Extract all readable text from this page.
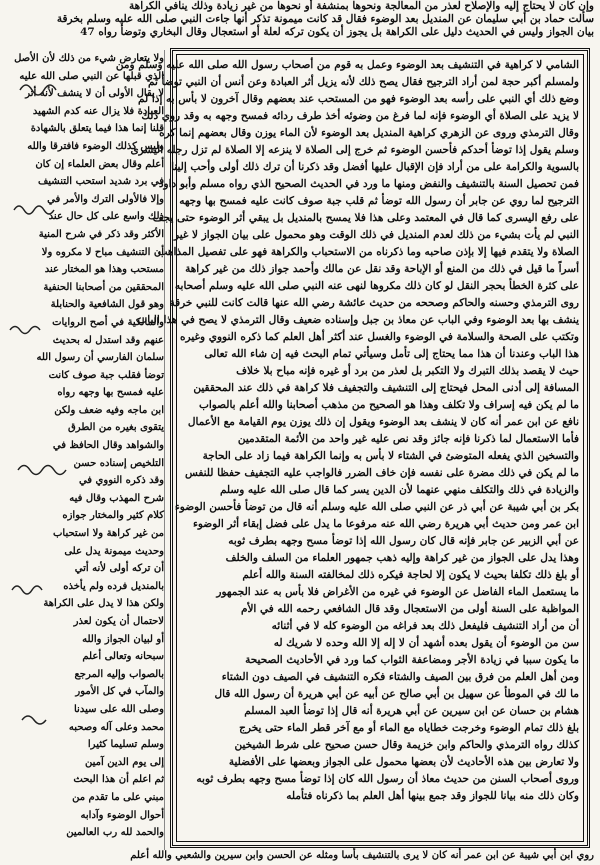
وإن كان لا يحتاج إليه والإصلاح لعذر من المعالجة ونحوها بمنشفة أو نحوها من غير زيادة وذلك ينافي الكراهة
سألت حماد بن أبي سليمان عن المنديل بعد الوضوء فقال قد كانت ميمونة تذكر أنها جاءت النبي صلى الله عليه وسلم بخرقة
بيان الجواز وليس في الحديث دليل على الكراهة بل يجوز أن يكون تركه لعلة أو استعجال وقال البخاري وتوضأ رواه 47
ولا يتعارض شيء من ذلك لأن الأصل
الذي قبلها عن النبي صلى الله عليه
لا يقال الأولى أن لا ينشف لأنه أثر
العبادة فلا يزال عنه كدم الشهيد
قلنا إنما هذا فيما يتعلق بالشهادة
وليس كذلك الوضوء فافترقا والله
أعلم وقال بعض العلماء إن كان
في برد شديد استحب التنشيف
وإلا فالأولى الترك والأمر في
ذلك واسع على كل حال عند
الأكثر وقد ذكر في شرح المنية
أن التنشيف مباح لا مكروه ولا
مستحب وهذا هو المختار عند
المحققين من أصحابنا الحنفية
وهو قول الشافعية والحنابلة
والمالكية في أصح الروايات
عنهم وقد استدل له بحديث
سلمان الفارسي أن رسول الله
توضأ فقلب جبة صوف كانت
عليه فمسح بها وجهه رواه
ابن ماجه وفيه ضعف ولكن
يتقوى بغيره من الطرق
والشواهد وقال الحافظ في
التلخيص إسناده حسن
وقد ذكره النووي في
شرح المهذب وقال فيه
كلام كثير والمختار جوازه
من غير كراهة ولا استحباب
وحديث ميمونة يدل على
أن تركه أولى لأنه أتي
بالمنديل فرده ولم يأخذه
ولكن هذا لا يدل على الكراهة
لاحتمال أن يكون لعذر
أو لبيان الجواز والله
سبحانه وتعالى أعلم
بالصواب وإليه المرجع
والمآب في كل الأمور
وصلى الله على سيدنا
محمد وعلى آله وصحبه
وسلم تسليما كثيرا
إلى يوم الدين آمين
ثم اعلم أن هذا البحث
مبني على ما تقدم من
أحوال الوضوء وآدابه
والحمد لله رب العالمين
الشامي لا كراهية في التنشيف بعد الوضوء وعمل به قوم من أصحاب رسول الله صلى الله عليه وسلم ومن
ولمسلم أكبر حجة لمن أراد الترجيح فقال يصح ذلك لأنه يزيل أثر العبادة وعن أنس أن النبي توضأ ثم
وضع ذلك أي النبي على رأسه بعد الوضوء فهو من المستحب عند بعضهم وقال آخرون لا بأس به إذا لم
لا يزيد على الصلاة أي الوضوء فإنه لما فرغ من وضوئه أخذ طرف ردائه فمسح وجهه به وقد روي ذلك
وقال الترمذي وروى عن الزهري كراهية المنديل بعد الوضوء لأن الماء يوزن وقال بعضهم إنما كره
وسلم يقول إذا توضأ أحدكم فأحسن الوضوء ثم خرج إلى الصلاة لا ينزعه إلا الصلاة لم تزل رجله اليسرى
بالسوية والكرامة على من أراد فإن الإقبال عليها أفضل وقد ذكرنا أن ترك ذلك أولى وأحب إلينا
فمن تحصيل السنة بالتنشيف والنفض ومنها ما ورد في الحديث الصحيح الذي رواه مسلم وأبو داود
الترجيح لما روي عن جابر أن رسول الله توضأ ثم قلب جبة صوف كانت عليه فمسح بها وجهه
على رفع اليسرى كما قال في المعتمد وعلى هذا فلا يمسح بالمنديل بل يبقي أثر الوضوء حتى يجف
النبي لم يأت بشيء من ذلك لعدم المنديل في ذلك الوقت وهو محمول على بيان الجواز لا غير
الصلاة ولا يتقدم فيها إلا بإذن صاحبه وما ذكرناه من الاستحباب والكراهة فهو على تفصيل المذاهب
أسراً ما قيل في ذلك من المنع أو الإباحة وقد نقل عن مالك وأحمد جواز ذلك من غير كراهة
على كثرة الخطأ بحجر النقل لو كان ذلك مكروها لنهى عنه النبي صلى الله عليه وسلم أصحابه
روى الترمذي وحسنه والحاكم وصححه من حديث عائشة رضي الله عنها قالت كانت للنبي خرقة
ينشف بها بعد الوضوء وفي الباب عن معاذ بن جبل وإسناده ضعيف وقال الترمذي لا يصح في هذا الباب
وتكتب على الصحة والسلامة في الوضوء والغسل عند أكثر أهل العلم كما ذكره النووي وغيره
هذا الباب وعندنا أن هذا مما يحتاج إلى تأمل وسيأتي تمام البحث فيه إن شاء الله تعالى
حيث لا يقصد بذلك التبرك ولا التكبر بل لعذر من برد أو غيره فإنه مباح بلا خلاف
المسافة إلى أدنى المحل فيحتاج إلى التنشيف والتجفيف فلا كراهة في ذلك عند المحققين
ما لم يكن فيه إسراف ولا تكلف وهذا هو الصحيح من مذهب أصحابنا والله أعلم بالصواب
نافع عن ابن عمر أنه كان لا ينشف بعد الوضوء ويقول إن ذلك يوزن يوم القيامة مع الأعمال
فأما الاستعمال لما ذكرنا فإنه جائز وقد نص عليه غير واحد من الأئمة المتقدمين
والتسخين الذي يفعله المتوضئ في الشتاء لا بأس به وإنما الكراهة فيما زاد على الحاجة
ما لم يكن في ذلك مضرة على نفسه فإن خاف الضرر فالواجب عليه التجفيف حفظا للنفس
والزيادة في ذلك والتكلف منهي عنهما لأن الدين يسر كما قال صلى الله عليه وسلم
بكر بن أبي شيبة عن أبي ذر عن النبي صلى الله عليه وسلم أنه قال من توضأ فأحسن الوضوء
ابن عمر ومن حديث أبي هريرة رضي الله عنه مرفوعا ما يدل على فضل إبقاء أثر الوضوء
عن أبي الزبير عن جابر فإنه قال كان رسول الله إذا توضأ مسح وجهه بطرف ثوبه
وهذا يدل على الجواز من غير كراهة وإليه ذهب جمهور العلماء من السلف والخلف
أو بلغ ذلك تكلفا بحيث لا يكون إلا لحاجة فيكره ذلك لمخالفته السنة والله أعلم
ما يستعمل الماء الفاضل عن الوضوء في غيره من الأغراض فلا بأس به عند الجمهور
المواظبة على السنة أولى من الاستعجال وقد قال الشافعي رحمه الله في الأم
أن من أراد التنشيف فليفعل ذلك بعد فراغه من الوضوء كله لا في أثنائه
سن من الوضوء أن يقول بعده أشهد أن لا إله إلا الله وحده لا شريك له
ما يكون سببا في زيادة الأجر ومضاعفة الثواب كما ورد في الأحاديث الصحيحة
ومن أهل العلم من فرق بين الصيف والشتاء فكره التنشيف في الصيف دون الشتاء
ما لك في الموطأ عن سهيل بن أبي صالح عن أبيه عن أبي هريرة أن رسول الله قال
هشام بن حسان عن ابن سيرين عن أبي هريرة أنه قال إذا توضأ العبد المسلم
بلغ ذلك تمام الوضوء وخرجت خطاياه مع الماء أو مع آخر قطر الماء حتى يخرج
كذلك رواه الترمذي والحاكم وابن خزيمة وقال حسن صحيح على شرط الشيخين
ولا تعارض بين هذه الأحاديث لأن بعضها محمول على الجواز وبعضها على الأفضلية
وروى أصحاب السنن من حديث معاذ أن رسول الله كان إذا توضأ مسح وجهه بطرف ثوبه
وكان ذلك منه بيانا للجواز وقد جمع بينها أهل العلم بما ذكرناه فتأمله
روي ابن أبي شيبة عن ابن عمر أنه كان لا يرى بالتنشيف بأسا ومثله عن الحسن وابن سيرين والشعبي والله أعلم
